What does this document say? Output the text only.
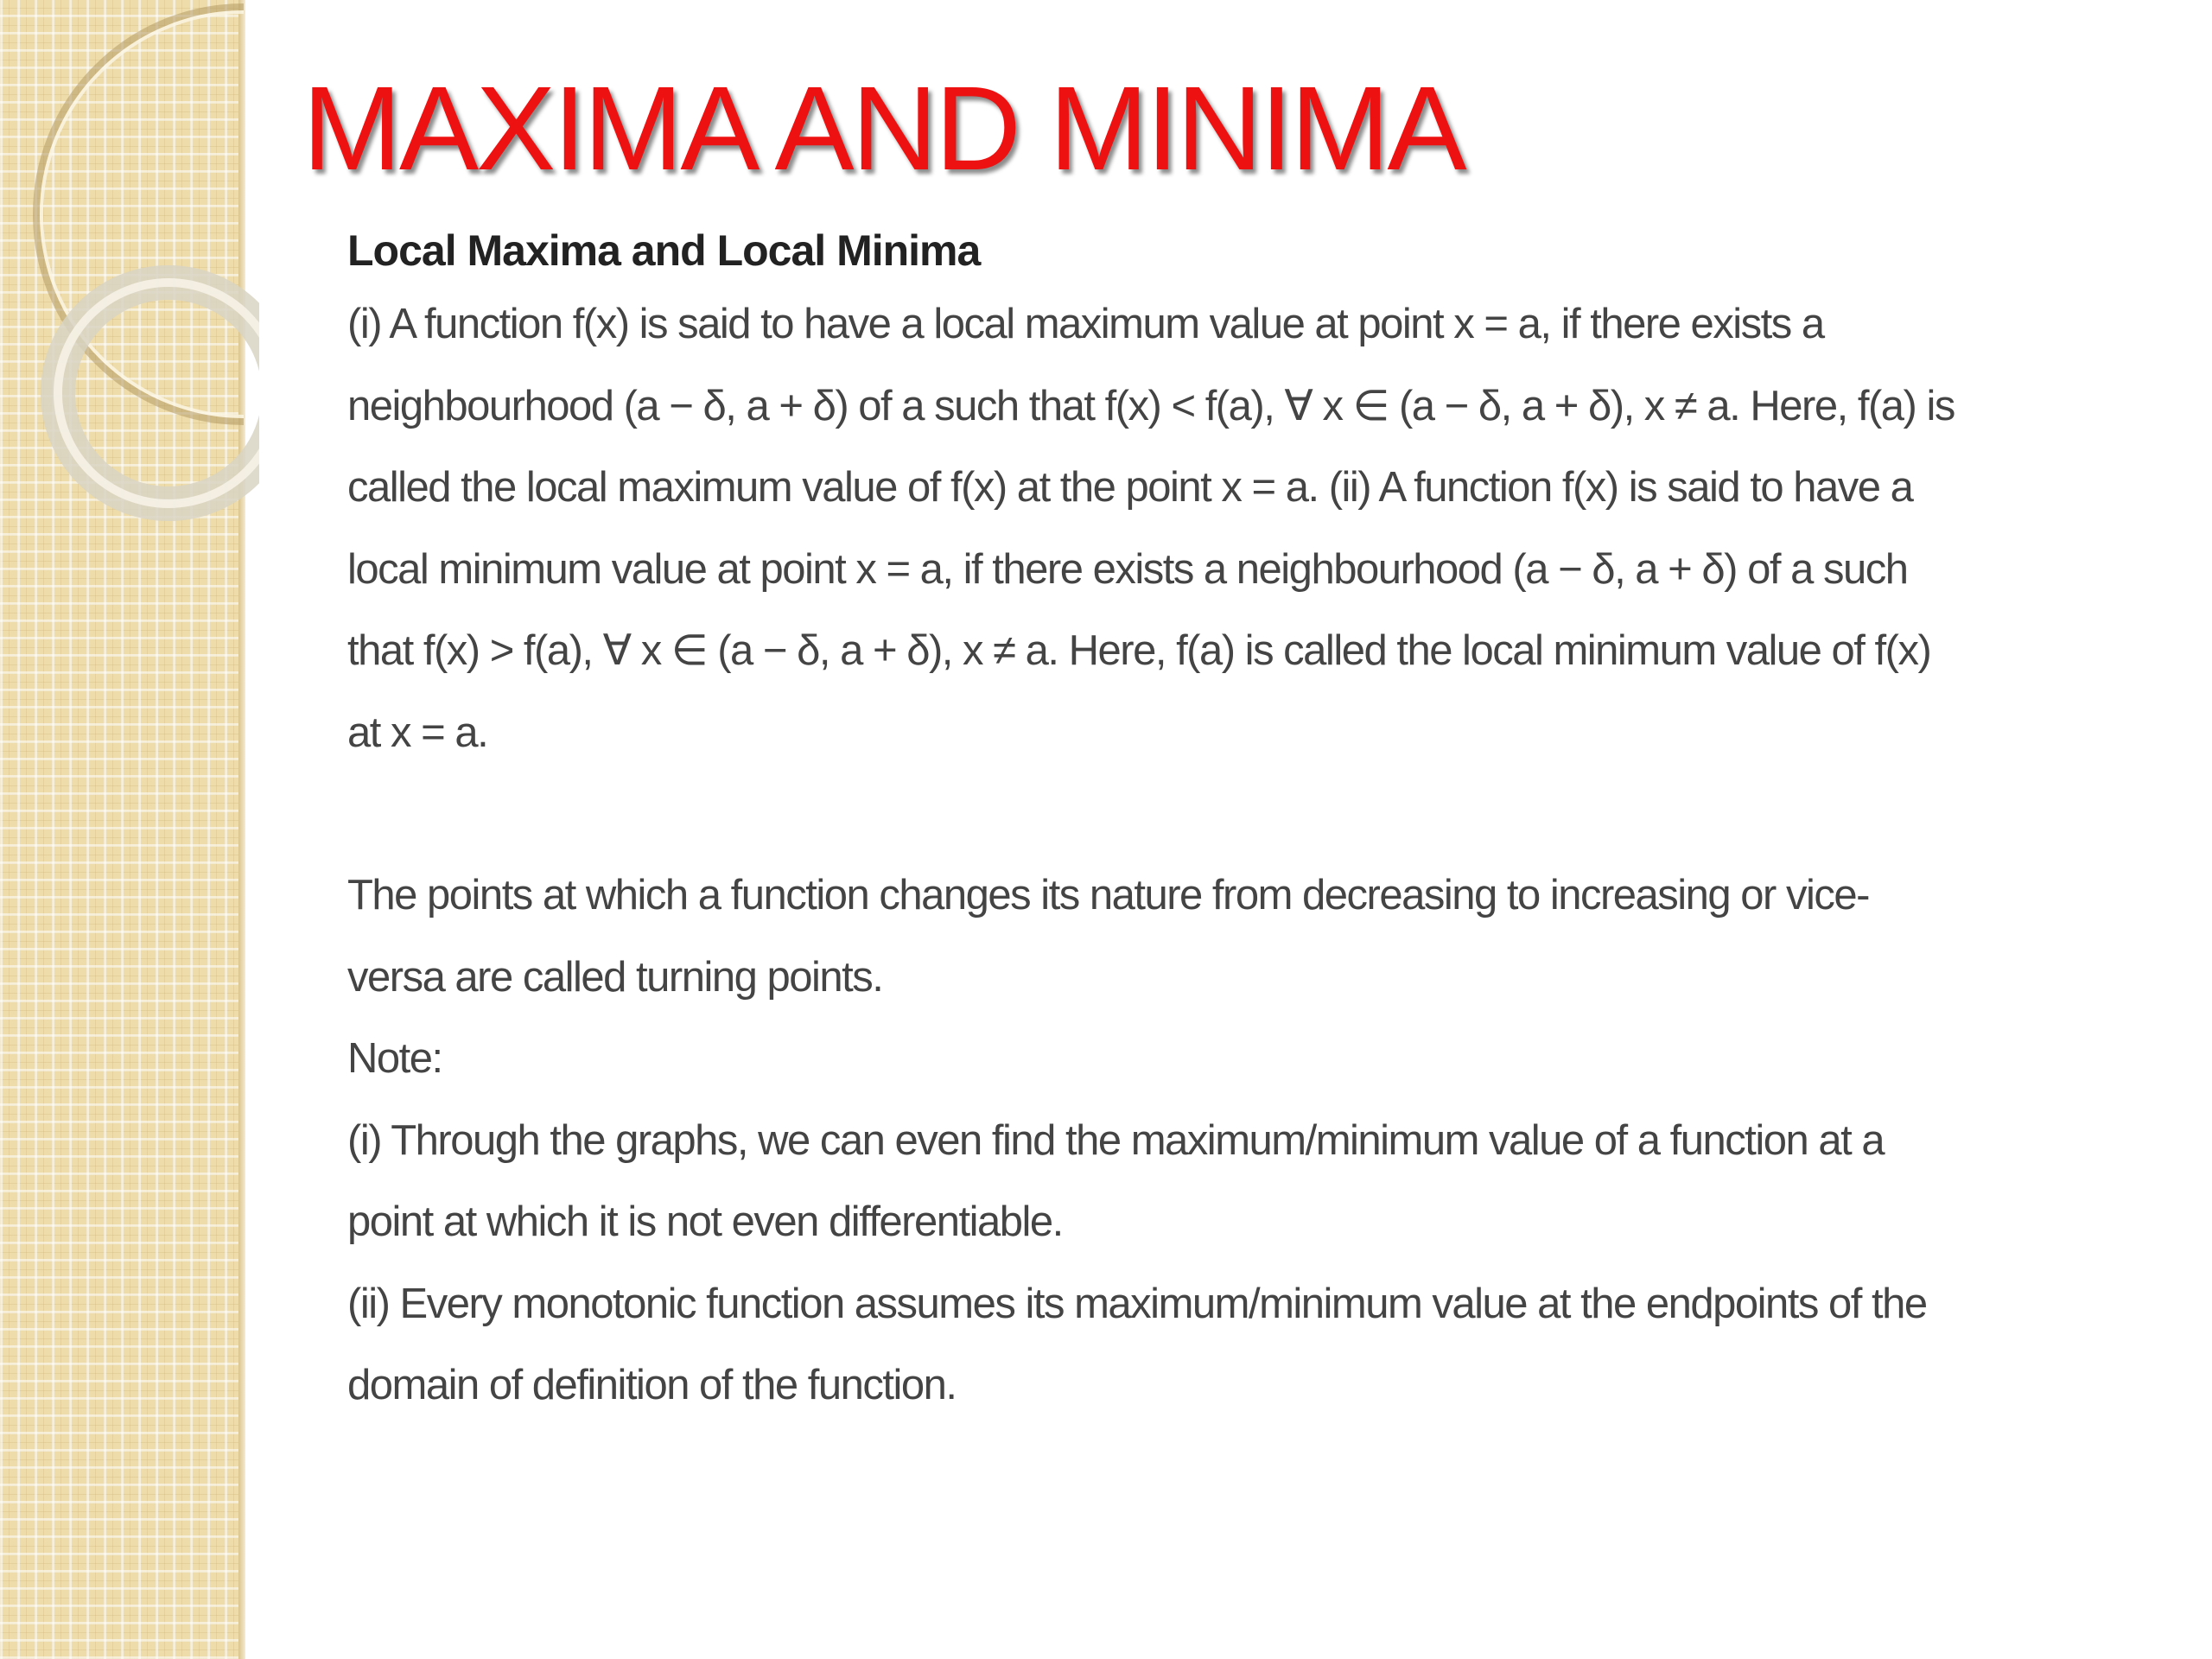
MAXIMA AND MINIMA

Local Maxima and Local Minima

(i) A function f(x) is said to have a local maximum value at point x = a, if there exists a neighbourhood (a − δ, a + δ) of a such that f(x) < f(a), ∀ x ∈ (a − δ, a + δ), x ≠ a. Here, f(a) is called the local maximum value of f(x) at the point x = a. (ii) A function f(x) is said to have a local minimum value at point x = a, if there exists a neighbourhood (a − δ, a + δ) of a such that f(x) > f(a), ∀ x ∈ (a − δ, a + δ), x ≠ a. Here, f(a) is called the local minimum value of f(x) at x = a.

The points at which a function changes its nature from decreasing to increasing or vice-versa are called turning points.

Note:

(i) Through the graphs, we can even find the maximum/minimum value of a function at a point at which it is not even differentiable.

(ii) Every monotonic function assumes its maximum/minimum value at the endpoints of the domain of definition of the function.
